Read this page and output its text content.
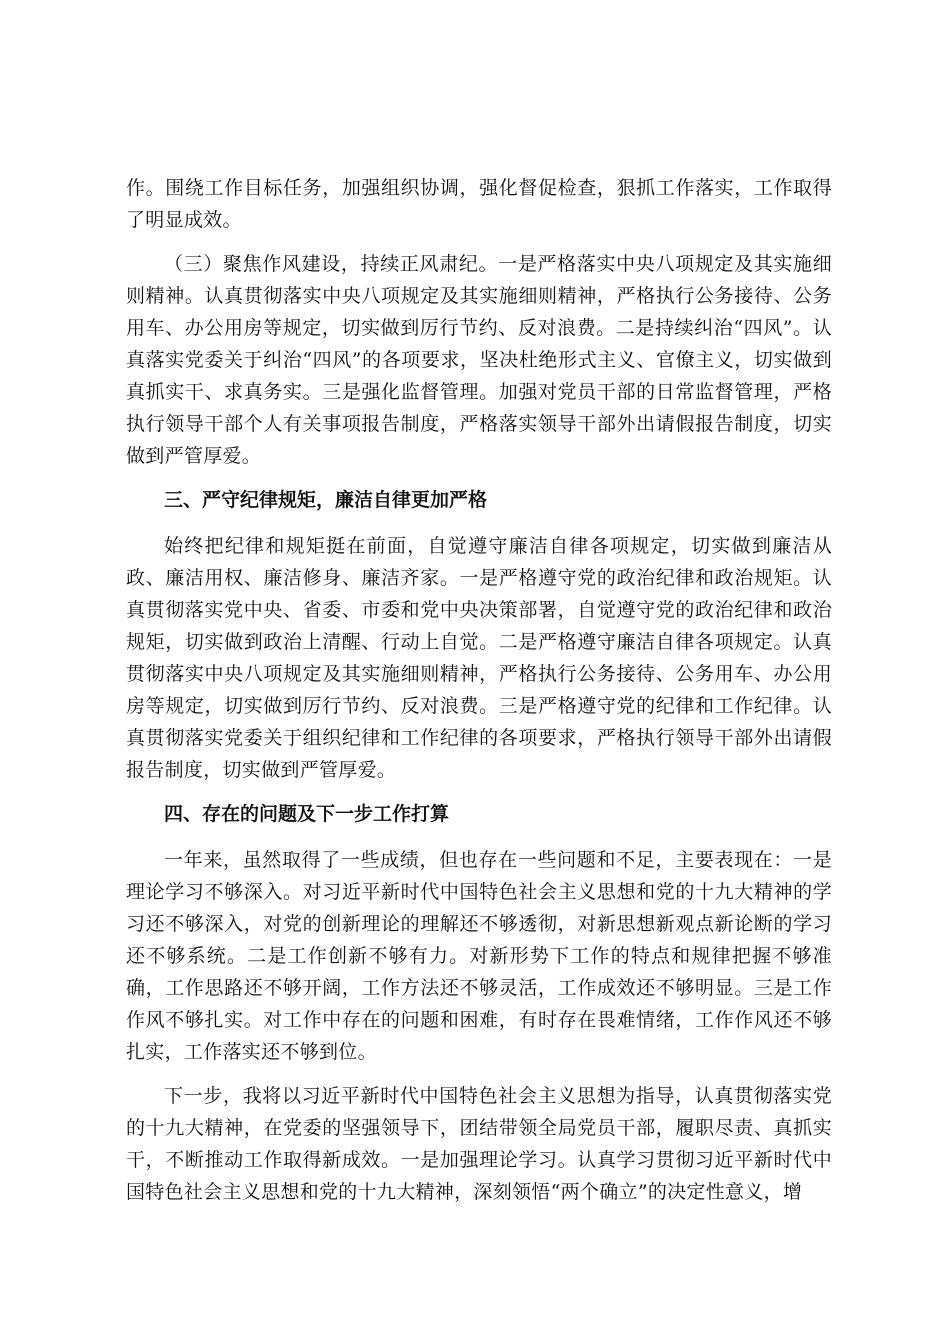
作。围绕工作目标任务，加强组织协调，强化督促检查，狠抓工作落实，工作取得了明显成效。

（三）聚焦作风建设，持续正风肃纪。一是严格落实中央八项规定及其实施细则精神。认真贯彻落实中央八项规定及其实施细则精神，严格执行公务接待、公务用车、办公用房等规定，切实做到厉行节约、反对浪费。二是持续纠治“四风”。认真落实党委关于纠治“四风”的各项要求，坚决杜绝形式主义、官僚主义，切实做到真抓实干、求真务实。三是强化监督管理。加强对党员干部的日常监督管理，严格执行领导干部个人有关事项报告制度，严格落实领导干部外出请假报告制度，切实做到严管厚爱。

三、严守纪律规矩，廉洁自律更加严格

始终把纪律和规矩挺在前面，自觉遵守廉洁自律各项规定，切实做到廉洁从政、廉洁用权、廉洁修身、廉洁齐家。一是严格遵守党的政治纪律和政治规矩。认真贯彻落实党中央、省委、市委和党中央决策部署，自觉遵守党的政治纪律和政治规矩，切实做到政治上清醒、行动上自觉。二是严格遵守廉洁自律各项规定。认真贯彻落实中央八项规定及其实施细则精神，严格执行公务接待、公务用车、办公用房等规定，切实做到厉行节约、反对浪费。三是严格遵守党的纪律和工作纪律。认真贯彻落实党委关于组织纪律和工作纪律的各项要求，严格执行领导干部外出请假报告制度，切实做到严管厚爱。

四、存在的问题及下一步工作打算

一年来，虽然取得了一些成绩，但也存在一些问题和不足，主要表现在：一是理论学习不够深入。对习近平新时代中国特色社会主义思想和党的十九大精神的学习还不够深入，对党的创新理论的理解还不够透彻，对新思想新观点新论断的学习还不够系统。二是工作创新不够有力。对新形势下工作的特点和规律把握不够准确，工作思路还不够开阔，工作方法还不够灵活，工作成效还不够明显。三是工作作风不够扎实。对工作中存在的问题和困难，有时存在畏难情绪，工作作风还不够扎实，工作落实还不够到位。

下一步，我将以习近平新时代中国特色社会主义思想为指导，认真贯彻落实党的十九大精神，在党委的坚强领导下，团结带领全局党员干部，履职尽责、真抓实干，不断推动工作取得新成效。一是加强理论学习。认真学习贯彻习近平新时代中国特色社会主义思想和党的十九大精神，深刻领悟“两个确立”的决定性意义，增
